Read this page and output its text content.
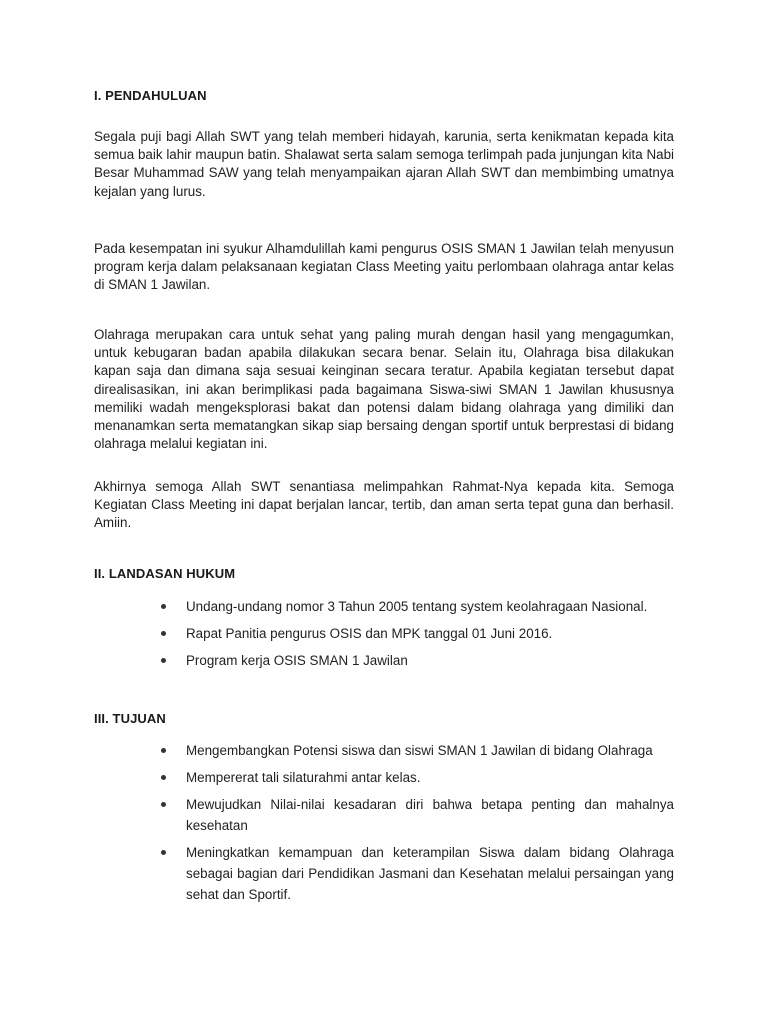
I. PENDAHULUAN

Segala puji bagi Allah SWT yang telah memberi hidayah, karunia, serta kenikmatan kepada kita semua baik lahir maupun batin. Shalawat serta salam semoga terlimpah pada junjungan kita Nabi Besar Muhammad SAW yang telah menyampaikan ajaran Allah SWT dan membimbing umatnya kejalan yang lurus.

Pada kesempatan ini syukur Alhamdulillah kami pengurus OSIS SMAN 1 Jawilan telah menyusun program kerja dalam pelaksanaan kegiatan Class Meeting yaitu perlombaan olahraga antar kelas di SMAN 1 Jawilan.

Olahraga merupakan cara untuk sehat yang paling murah dengan hasil yang mengagumkan, untuk kebugaran badan apabila dilakukan secara benar. Selain itu, Olahraga bisa dilakukan kapan saja dan dimana saja sesuai keinginan secara teratur. Apabila kegiatan tersebut dapat direalisasikan, ini akan berimplikasi pada bagaimana Siswa-siwi SMAN 1 Jawilan khususnya memiliki wadah mengeksplorasi bakat dan potensi dalam bidang olahraga yang dimiliki dan menanamkan serta mematangkan sikap siap bersaing dengan sportif untuk berprestasi di bidang olahraga melalui kegiatan ini.

Akhirnya semoga Allah SWT senantiasa melimpahkan Rahmat-Nya kepada kita. Semoga Kegiatan Class Meeting ini dapat berjalan lancar, tertib, dan aman serta tepat guna dan berhasil. Amiin.

II. LANDASAN HUKUM
Undang-undang nomor 3 Tahun 2005 tentang system keolahragaan Nasional.
Rapat Panitia pengurus OSIS dan MPK tanggal 01 Juni 2016.
Program kerja OSIS SMAN 1 Jawilan
III. TUJUAN
Mengembangkan Potensi siswa dan siswi SMAN 1 Jawilan di bidang Olahraga
Mempererat tali silaturahmi antar kelas.
Mewujudkan Nilai-nilai kesadaran diri bahwa betapa penting dan mahalnya kesehatan
Meningkatkan kemampuan dan keterampilan Siswa dalam bidang Olahraga sebagai bagian dari Pendidikan Jasmani dan Kesehatan melalui persaingan yang sehat dan Sportif.
